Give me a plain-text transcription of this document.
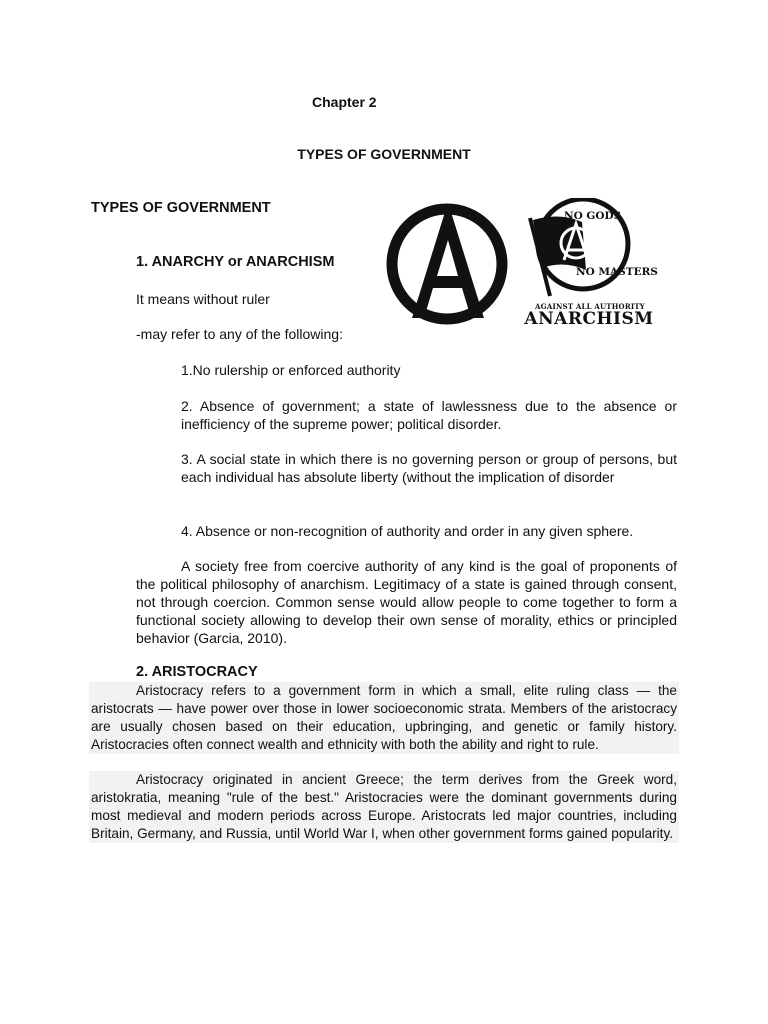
Chapter 2
TYPES OF GOVERNMENT
TYPES OF GOVERNMENT	NO GODS
NO MASTERS
AGAINST ALL AUTHORITY
ANARCHISM
1. ANARCHY or ANARCHISM
It means without ruler
-may refer to any of the following:
1.No rulership or enforced authority
2. Absence of government; a state of lawlessness due to the absence or inefficiency of the supreme power; political disorder.
3. A social state in which there is no governing person or group of persons, but each individual has absolute liberty (without the implication of disorder
4. Absence or non-recognition of authority and order in any given sphere.
A society free from coercive authority of any kind is the goal of proponents of the political philosophy of anarchism. Legitimacy of a state is gained through consent, not through coercion. Common sense would allow people to come together to form a functional society allowing to develop their own sense of morality, ethics or principled behavior (Garcia, 2010).
2. ARISTOCRACY
Aristocracy refers to a government form in which a small, elite ruling class — the aristocrats — have power over those in lower socioeconomic strata. Members of the aristocracy are usually chosen based on their education, upbringing, and genetic or family history. Aristocracies often connect wealth and ethnicity with both the ability and right to rule.
Aristocracy originated in ancient Greece; the term derives from the Greek word, aristokratia, meaning "rule of the best." Aristocracies were the dominant governments during most medieval and modern periods across Europe. Aristocrats led major countries, including Britain, Germany, and Russia, until World War I, when other government forms gained popularity.
